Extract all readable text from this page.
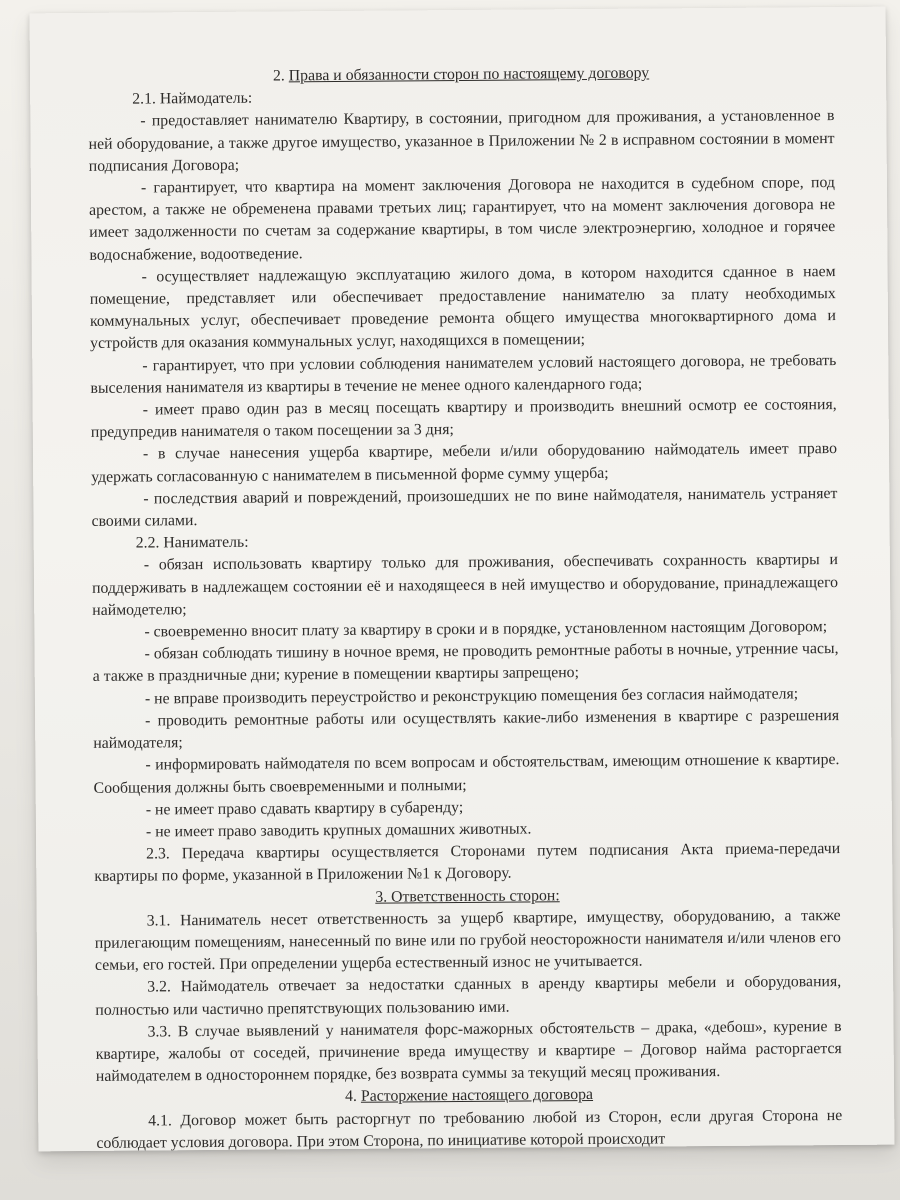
2. Права и обязанности сторон по настоящему договору

2.1. Наймодатель:

- предоставляет нанимателю Квартиру, в состоянии, пригодном для проживания, а установленное в ней оборудование, а также другое имущество, указанное в Приложении № 2 в исправном состоянии в момент подписания Договора;

- гарантирует, что квартира на момент заключения Договора не находится в судебном споре, под арестом, а также не обременена правами третьих лиц; гарантирует, что на момент заключения договора не имеет задолженности по счетам за содержание квартиры, в том числе электроэнергию, холодное и горячее водоснабжение, водоотведение.

- осуществляет надлежащую эксплуатацию жилого дома, в котором находится сданное в наем помещение, представляет или обеспечивает предоставление нанимателю за плату необходимых коммунальных услуг, обеспечивает проведение ремонта общего имущества многоквартирного дома и устройств для оказания коммунальных услуг, находящихся в помещении;

- гарантирует, что при условии соблюдения нанимателем условий настоящего договора, не требовать выселения нанимателя из квартиры в течение не менее одного календарного года;

- имеет право один раз в месяц посещать квартиру и производить внешний осмотр ее состояния, предупредив нанимателя о таком посещении за 3 дня;

- в случае нанесения ущерба квартире, мебели и/или оборудованию наймодатель имеет право удержать согласованную с нанимателем в письменной форме сумму ущерба;

- последствия аварий и повреждений, произошедших не по вине наймодателя, наниматель устраняет своими силами.

2.2. Наниматель:

- обязан использовать квартиру только для проживания, обеспечивать сохранность квартиры и поддерживать в надлежащем состоянии её и находящееся в ней имущество и оборудование, принадлежащего наймодетелю;

- своевременно вносит плату за квартиру в сроки и в порядке, установленном настоящим Договором;

- обязан соблюдать тишину в ночное время, не проводить ремонтные работы в ночные, утренние часы, а также в праздничные дни; курение в помещении квартиры запрещено;

- не вправе производить переустройство и реконструкцию помещения без согласия наймодателя;

- проводить ремонтные работы или осуществлять какие-либо изменения в квартире с разрешения наймодателя;

- информировать наймодателя по всем вопросам и обстоятельствам, имеющим отношение к квартире. Сообщения должны быть своевременными и полными;

- не имеет право сдавать квартиру в субаренду;

- не имеет право заводить крупных домашних животных.

2.3. Передача квартиры осуществляется Сторонами путем подписания Акта приема-передачи квартиры по форме, указанной в Приложении №1 к Договору.

3. Ответственность сторон:

3.1. Наниматель несет ответственность за ущерб квартире, имуществу, оборудованию, а также прилегающим помещениям, нанесенный по вине или по грубой неосторожности нанимателя и/или членов его семьи, его гостей. При определении ущерба естественный износ не учитывается.

3.2. Наймодатель отвечает за недостатки сданных в аренду квартиры мебели и оборудования, полностью или частично препятствующих пользованию ими.

3.3. В случае выявлений у нанимателя форс-мажорных обстоятельств – драка, «дебош», курение в квартире, жалобы от соседей, причинение вреда имуществу и квартире – Договор найма расторгается наймодателем в одностороннем порядке, без возврата суммы за текущий месяц проживания.

4. Расторжение настоящего договора

4.1. Договор может быть расторгнут по требованию любой из Сторон, если другая Сторона не соблюдает условия договора. При этом Сторона, по инициативе которой происходит
